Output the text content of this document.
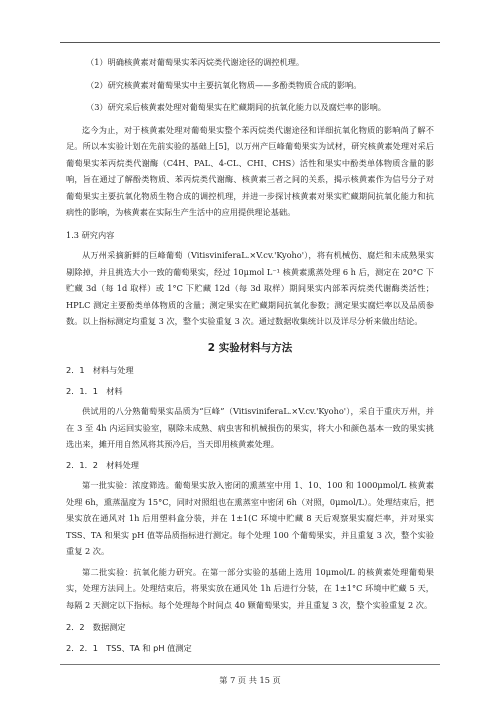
（1）明确核黄素对葡萄果实苯丙烷类代谢途径的调控机理。
（2）研究核黄素对葡萄果实中主要抗氧化物质——多酚类物质合成的影响。
（3）研究采后核黄素处理对葡萄果实在贮藏期间的抗氧化能力以及腐烂率的影响。

迄今为止，对于核黄素处理对葡萄果实整个苯丙烷类代谢途径和详细抗氧化物质的影响尚了解不足。所以本实验计划在先前实验的基础上[5]，以万州产巨峰葡萄果实为试材，研究核黄素处理对采后葡萄果实苯丙烷类代谢酶（C4H、PAL、4-CL、CHI、CHS）活性和果实中酚类单体物质含量的影响，旨在通过了解酚类物质、苯丙烷类代谢酶、核黄素三者之间的关系，揭示核黄素作为信号分子对葡萄果实主要抗氧化物质生物合成的调控机理，并进一步探讨核黄素对果实贮藏期间抗氧化能力和抗病性的影响，为核黄素在实际生产生活中的应用提供理论基础。

1.3 研究内容

从万州采摘新鲜的巨峰葡萄（VitisviniferaL.×V.cv.'Kyoho'），将有机械伤、腐烂和未成熟果实剔除掉，并且挑选大小一致的葡萄果实，经过 10μmol L⁻¹ 核黄素熏蒸处理 6 h 后，测定在 20°C 下贮藏 3d（每 1d 取样）或 1°C 下贮藏 12d（每 3d 取样）期间果实内部苯丙烷类代谢酶类活性；HPLC 测定主要酚类单体物质的含量；测定果实在贮藏期间抗氧化参数；测定果实腐烂率以及品质参数。以上指标测定均重复 3 次，整个实验重复 3 次。通过数据收集统计以及详尽分析来做出结论。

2 实验材料与方法
2．1　材料与处理
2．1．1　材料

供试用的八分熟葡萄果实品质为“巨峰”（VitisviniferaL.×V.cv.'Kyoho'），采自于重庆万州，并在 3 至 4h 内运回实验室，剔除未成熟、病虫害和机械损伤的果实，将大小和颜色基本一致的果实挑选出来，摊开用自然风将其预冷后，当天即用核黄素处理。

2．1．2　材料处理

第一批实验：浓度筛选。葡萄果实放入密闭的熏蒸室中用 1、10、100 和 1000μmol/L 核黄素处理 6h，熏蒸温度为 15°C，同时对照组也在熏蒸室中密闭 6h（对照，0μmol/L）。处理结束后，把果实放在通风对 1h 后用塑料盒分装，并在 1±1(C 环境中贮藏 8 天后观察果实腐烂率，并对果实 TSS、TA 和果实 pH 值等品质指标进行测定。每个处理 100 个葡萄果实，并且重复 3 次，整个实验重复 2 次。

第二批实验：抗氧化能力研究。在第一部分实验的基础上选用 10μmol/L 的核黄素处理葡萄果实，处理方法同上。处理结束后，将果实放在通风处 1h 后进行分装，在 1±1°C 环境中贮藏 5 天，每隔 2 天测定以下指标。每个处理每个时间点 40 颗葡萄果实，并且重复 3 次，整个实验重复 2 次。

2．2　数据测定
2．2．1　TSS、TA 和 pH 值测定
第 7 页 共 15 页
